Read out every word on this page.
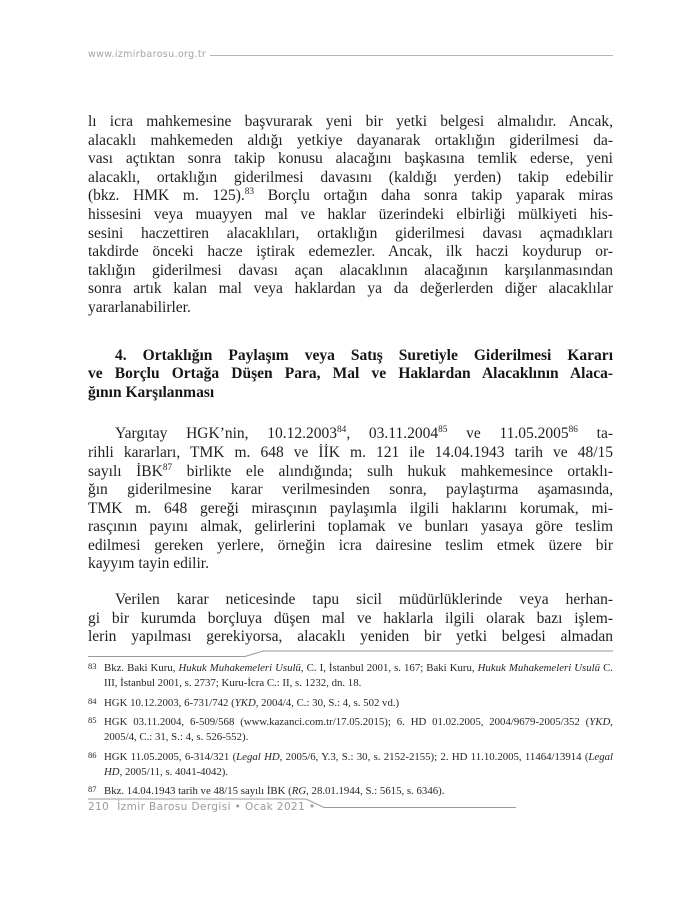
www.izmirbarosu.org.tr
lı icra mahkemesine başvurarak yeni bir yetki belgesi almalıdır. Ancak,
alacaklı mahkemeden aldığı yetkiye dayanarak ortaklığın giderilmesi da-
vası açtıktan sonra takip konusu alacağını başkasına temlik ederse, yeni
alacaklı, ortaklığın giderilmesi davasını (kaldığı yerden) takip edebilir
(bkz. HMK m. 125).$^{83}$ Borçlu ortağın daha sonra takip yaparak miras
hissesini veya muayyen mal ve haklar üzerindeki elbirliği mülkiyeti his-
sesini haczettiren alacaklıları, ortaklığın giderilmesi davası açmadıkları
takdirde önceki hacze iştirak edemezler. Ancak, ilk haczi koydurup or-
taklığın giderilmesi davası açan alacaklının alacağının karşılanmasından
sonra artık kalan mal veya haklardan ya da değerlerden diğer alacaklılar
yararlanabilirler.
4. Ortaklığın Paylaşım veya Satış Suretiyle Giderilmesi Kararı
ve Borçlu Ortağa Düşen Para, Mal ve Haklardan Alacaklının Alaca-
ğının Karşılanması
Yargıtay HGK’nin, 10.12.2003$^{84}$, 03.11.2004$^{85}$ ve 11.05.2005$^{86}$ ta-
rihli kararları, TMK m. 648 ve İİK m. 121 ile 14.04.1943 tarih ve 48/15
sayılı İBK$^{87}$ birlikte ele alındığında; sulh hukuk mahkemesince ortaklı-
ğın giderilmesine karar verilmesinden sonra, paylaştırma aşamasında,
TMK m. 648 gereği mirasçının paylaşımla ilgili haklarını korumak, mi-
rasçının payını almak, gelirlerini toplamak ve bunları yasaya göre teslim
edilmesi gereken yerlere, örneğin icra dairesine teslim etmek üzere bir
kayyım tayin edilir.
Verilen karar neticesinde tapu sicil müdürlüklerinde veya herhan-
gi bir kurumda borçluya düşen mal ve haklarla ilgili olarak bazı işlem-
lerin yapılması gerekiyorsa, alacaklı yeniden bir yetki belgesi almadan
83 Bkz. Baki Kuru, Hukuk Muhakemeleri Usulü, C. I, İstanbul 2001, s. 167; Baki Kuru, Hukuk Muhakemeleri Usulü C. III, İstanbul 2001, s. 2737; Kuru-İcra C.: II, s. 1232, dn. 18.
84 HGK 10.12.2003, 6-731/742 (YKD, 2004/4, C.: 30, S.: 4, s. 502 vd.)
85 HGK 03.11.2004, 6-509/568 (www.kazanci.com.tr/17.05.2015); 6. HD 01.02.2005, 2004/9679-2005/352 (YKD, 2005/4, C.: 31, S.: 4, s. 526-552).
86 HGK 11.05.2005, 6-314/321 (Legal HD, 2005/6, Y.3, S.: 30, s. 2152-2155); 2. HD 11.10.2005, 11464/13914 (Legal HD, 2005/11, s. 4041-4042).
87 Bkz. 14.04.1943 tarih ve 48/15 sayılı İBK (RG, 28.01.1944, S.: 5615, s. 6346).
210 İzmir Barosu Dergisi • Ocak 2021 •
